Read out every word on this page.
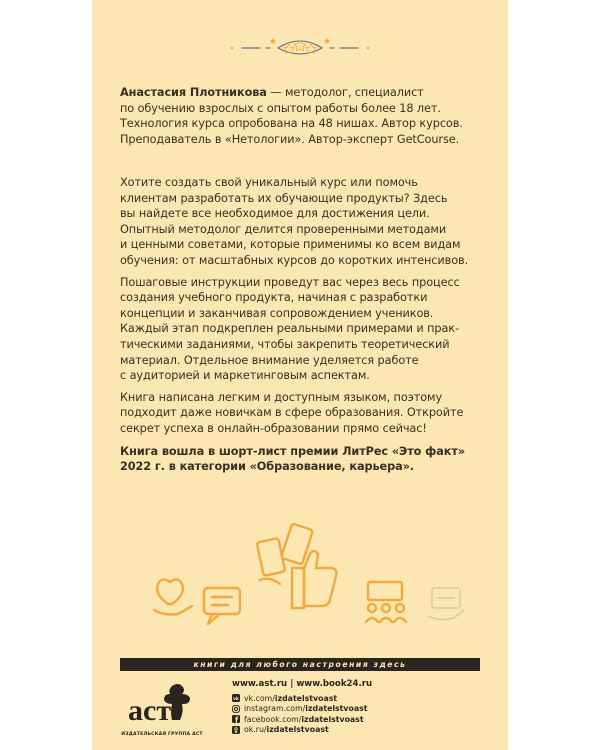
Анастасия Плотникова — методолог, специалист

по обучению взрослых с опытом работы более 18 лет.

Технология курса опробована на 48 нишах. Автор курсов.

Преподаватель в «Нетологии». Автор-эксперт GetCourse.

Хотите создать свой уникальный курс или помочь
клиентам разработать их обучающие продукты? Здесь
вы найдете все необходимое для достижения цели.
Опытный методолог делится проверенными методами
и ценными советами, которые применимы ко всем видам
обучения: от масштабных курсов до коротких интенсивов.

Пошаговые инструкции проведут вас через весь процесс
создания учебного продукта, начиная с разработки
концепции и заканчивая сопровождением учеников.
Каждый этап подкреплен реальными примерами и прак-
тическими заданиями, чтобы закрепить теоретический
материал. Отдельное внимание уделяется работе
с аудиторией и маркетинговым аспектам.

Книга написана легким и доступным языком, поэтому
подходит даже новичкам в сфере образования. Откройте
секрет успеха в онлайн-образовании прямо сейчас!

Книга вошла в шорт-лист премии ЛитРес «Это факт»
2022 г. в категории «Образование, карьера».

книги для любого настроения здесь
аст
ИЗДАТЕЛЬСКАЯ ГРУППА АСТ
www.ast.ru | www.book24.ru
vk vk.com/ izdatelstvoast
instagram.com/ izdatelstvoast
facebook.com/ izdatelstvoast
ok.ru/ izdatelstvoast
